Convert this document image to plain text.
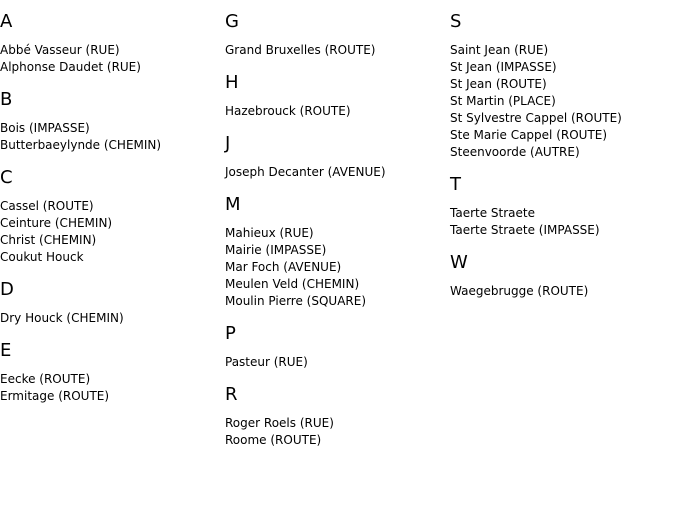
A
Abbé Vasseur (RUE)
Alphonse Daudet (RUE)
B
Bois (IMPASSE)
Butterbaeylynde (CHEMIN)
C
Cassel (ROUTE)
Ceinture (CHEMIN)
Christ (CHEMIN)
Coukut Houck
D
Dry Houck (CHEMIN)
E
Eecke (ROUTE)
Ermitage (ROUTE)
G
Grand Bruxelles (ROUTE)
H
Hazebrouck (ROUTE)
J
Joseph Decanter (AVENUE)
M
Mahieux (RUE)
Mairie (IMPASSE)
Mar Foch (AVENUE)
Meulen Veld (CHEMIN)
Moulin Pierre (SQUARE)
P
Pasteur (RUE)
R
Roger Roels (RUE)
Roome (ROUTE)
S
Saint Jean (RUE)
St Jean (IMPASSE)
St Jean (ROUTE)
St Martin (PLACE)
St Sylvestre Cappel (ROUTE)
Ste Marie Cappel (ROUTE)
Steenvoorde (AUTRE)
T
Taerte Straete
Taerte Straete (IMPASSE)
W
Waegebrugge (ROUTE)
